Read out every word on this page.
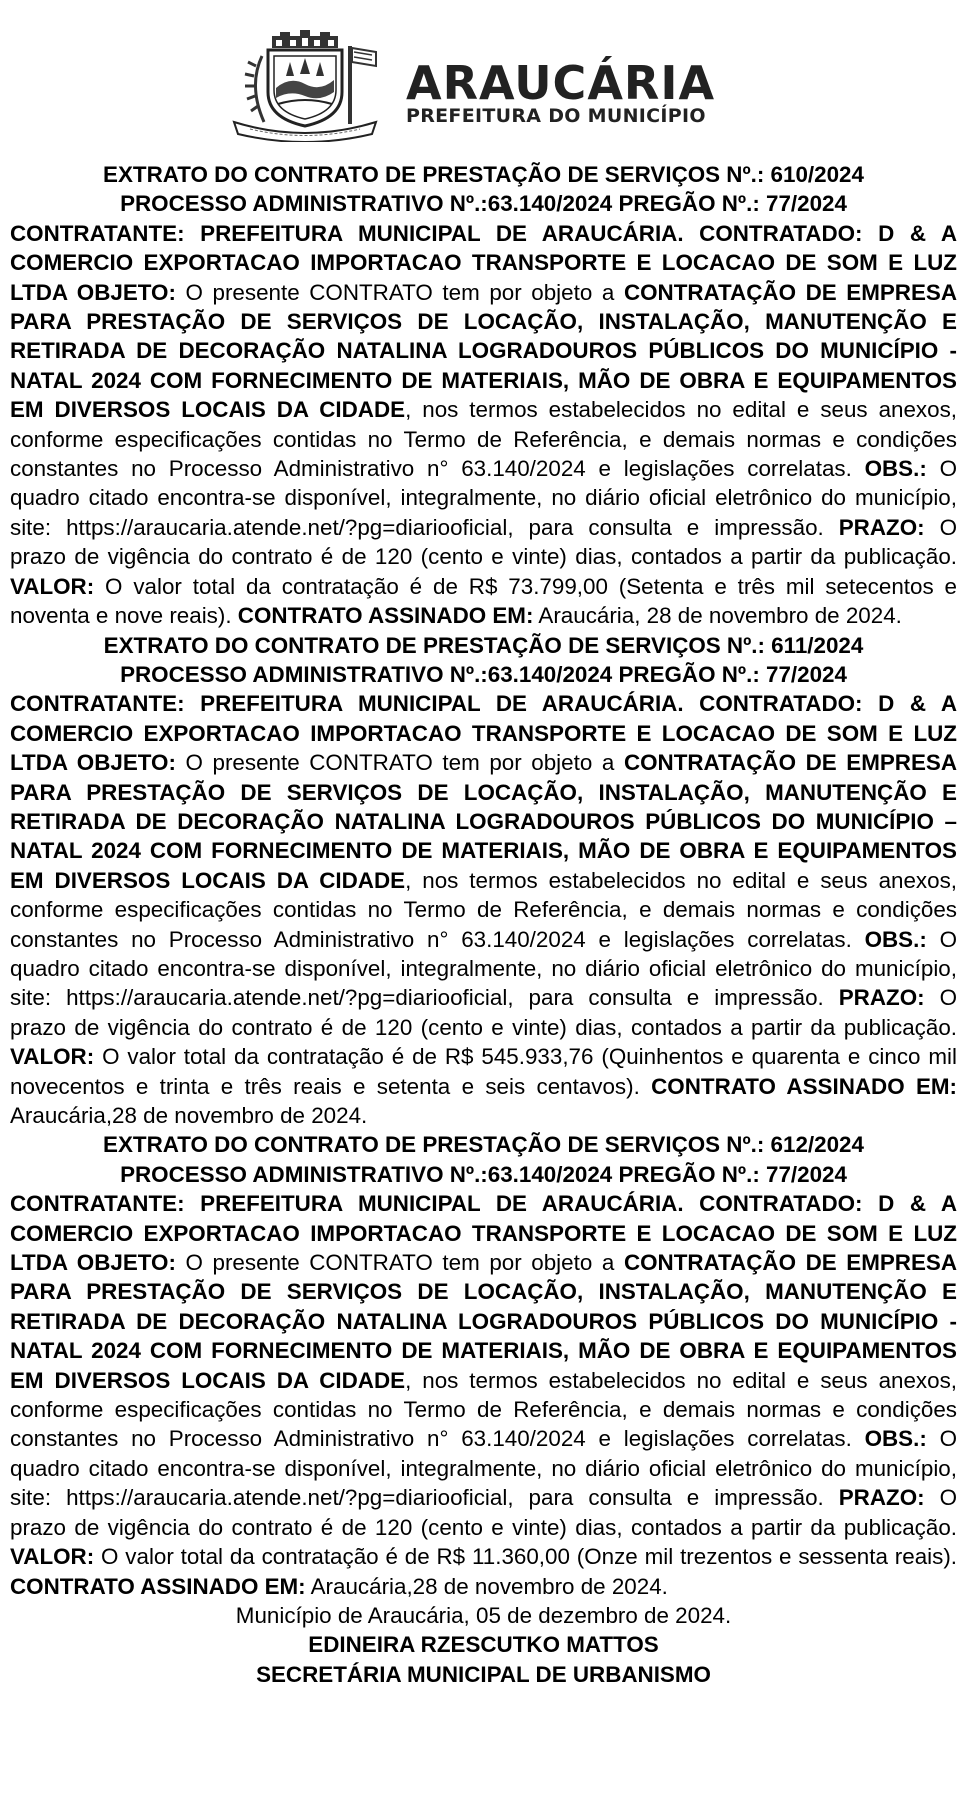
ARAUCÁRIA
PREFEITURA DO MUNICÍPIO

EXTRATO DO CONTRATO DE PRESTAÇÃO DE SERVIÇOS Nº.: 610/2024

PROCESSO ADMINISTRATIVO Nº.:63.140/2024 PREGÃO Nº.: 77/2024

CONTRATANTE: PREFEITURA MUNICIPAL DE ARAUCÁRIA. CONTRATADO: D & A COMERCIO EXPORTACAO IMPORTACAO TRANSPORTE E LOCACAO DE SOM E LUZ LTDA OBJETO: O presente CONTRATO tem por objeto a CONTRATAÇÃO DE EMPRESA PARA PRESTAÇÃO DE SERVIÇOS DE LOCAÇÃO, INSTALAÇÃO, MANUTENÇÃO E RETIRADA DE DECORAÇÃO NATALINA LOGRADOUROS PÚBLICOS DO MUNICÍPIO - NATAL 2024 COM FORNECIMENTO DE MATERIAIS, MÃO DE OBRA E EQUIPAMENTOS EM DIVERSOS LOCAIS DA CIDADE, nos termos estabelecidos no edital e seus anexos, conforme especificações contidas no Termo de Referência, e demais normas e condições constantes no Processo Administrativo n° 63.140/2024 e legislações correlatas. OBS.: O quadro citado encontra-se disponível, integralmente, no diário oficial eletrônico do município, site: https://araucaria.atende.net/?pg=diariooficial, para consulta e impressão. PRAZO: O prazo de vigência do contrato é de 120 (cento e vinte) dias, contados a partir da publicação. VALOR: O valor total da contratação é de R$ 73.799,00 (Setenta e três mil setecentos e noventa e nove reais). CONTRATO ASSINADO EM: Araucária, 28 de novembro de 2024.

EXTRATO DO CONTRATO DE PRESTAÇÃO DE SERVIÇOS Nº.: 611/2024

PROCESSO ADMINISTRATIVO Nº.:63.140/2024 PREGÃO Nº.: 77/2024

CONTRATANTE: PREFEITURA MUNICIPAL DE ARAUCÁRIA. CONTRATADO: D & A COMERCIO EXPORTACAO IMPORTACAO TRANSPORTE E LOCACAO DE SOM E LUZ LTDA OBJETO: O presente CONTRATO tem por objeto a CONTRATAÇÃO DE EMPRESA PARA PRESTAÇÃO DE SERVIÇOS DE LOCAÇÃO, INSTALAÇÃO, MANUTENÇÃO E RETIRADA DE DECORAÇÃO NATALINA LOGRADOUROS PÚBLICOS DO MUNICÍPIO – NATAL 2024 COM FORNECIMENTO DE MATERIAIS, MÃO DE OBRA E EQUIPAMENTOS EM DIVERSOS LOCAIS DA CIDADE, nos termos estabelecidos no edital e seus anexos, conforme especificações contidas no Termo de Referência, e demais normas e condições constantes no Processo Administrativo n° 63.140/2024 e legislações correlatas. OBS.: O quadro citado encontra-se disponível, integralmente, no diário oficial eletrônico do município, site: https://araucaria.atende.net/?pg=diariooficial, para consulta e impressão. PRAZO: O prazo de vigência do contrato é de 120 (cento e vinte) dias, contados a partir da publicação. VALOR: O valor total da contratação é de R$ 545.933,76 (Quinhentos e quarenta e cinco mil novecentos e trinta e três reais e setenta e seis centavos). CONTRATO ASSINADO EM: Araucária,28 de novembro de 2024.

EXTRATO DO CONTRATO DE PRESTAÇÃO DE SERVIÇOS Nº.: 612/2024

PROCESSO ADMINISTRATIVO Nº.:63.140/2024 PREGÃO Nº.: 77/2024

CONTRATANTE: PREFEITURA MUNICIPAL DE ARAUCÁRIA. CONTRATADO: D & A COMERCIO EXPORTACAO IMPORTACAO TRANSPORTE E LOCACAO DE SOM E LUZ LTDA OBJETO: O presente CONTRATO tem por objeto a CONTRATAÇÃO DE EMPRESA PARA PRESTAÇÃO DE SERVIÇOS DE LOCAÇÃO, INSTALAÇÃO, MANUTENÇÃO E RETIRADA DE DECORAÇÃO NATALINA LOGRADOUROS PÚBLICOS DO MUNICÍPIO - NATAL 2024 COM FORNECIMENTO DE MATERIAIS, MÃO DE OBRA E EQUIPAMENTOS EM DIVERSOS LOCAIS DA CIDADE, nos termos estabelecidos no edital e seus anexos, conforme especificações contidas no Termo de Referência, e demais normas e condições constantes no Processo Administrativo n° 63.140/2024 e legislações correlatas. OBS.: O quadro citado encontra-se disponível, integralmente, no diário oficial eletrônico do município, site: https://araucaria.atende.net/?pg=diariooficial, para consulta e impressão. PRAZO: O prazo de vigência do contrato é de 120 (cento e vinte) dias, contados a partir da publicação. VALOR: O valor total da contratação é de R$ 11.360,00 (Onze mil trezentos e sessenta reais). CONTRATO ASSINADO EM: Araucária,28 de novembro de 2024.

Município de Araucária, 05 de dezembro de 2024.

EDINEIRA RZESCUTKO MATTOS

SECRETÁRIA MUNICIPAL DE URBANISMO
